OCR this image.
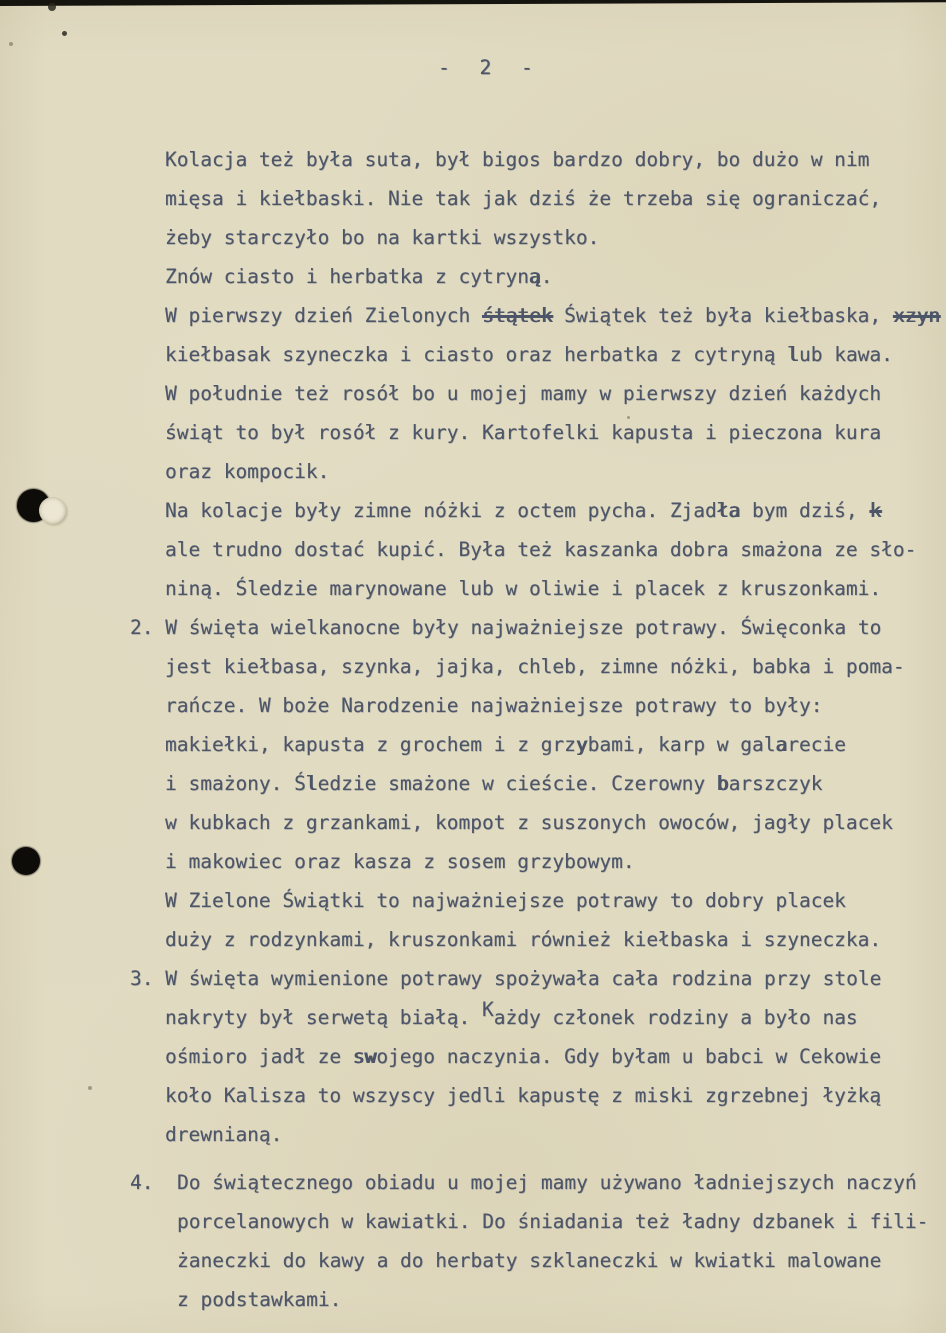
- 2 -
Kolacja też była suta, był bigos bardzo dobry, bo dużo w nim
mięsa i kiełbaski. Nie tak jak dziś że trzeba się ograniczać,
żeby starczyło bo na kartki wszystko.
Znów ciasto i herbatka z cytryną.
W pierwszy dzień Zielonych śtątek Świątek też była kiełbaska, xzyn
kiełbasak szyneczka i ciasto oraz herbatka z cytryną lub kawa.
W południe też rosół bo u mojej mamy w pierwszy dzień każdych
świąt to był rosół z kury. Kartofelki kapusta i pieczona kura
oraz kompocik.
Na kolacje były zimne nóżki z octem pycha. Zjadła bym dziś, k
ale trudno dostać kupić. Była też kaszanka dobra smażona ze sło-
niną. Śledzie marynowane lub w oliwie i placek z kruszonkami.
2. W święta wielkanocne były najważniejsze potrawy. Święconka to
jest kiełbasa, szynka, jajka, chleb, zimne nóżki, babka i poma-
rańcze. W boże Narodzenie najważniejsze potrawy to były:
makiełki, kapusta z grochem i z grzybami, karp w galarecie
i smażony. Śledzie smażone w cieście. Czerowny barszczyk
w kubkach z grzankami, kompot z suszonych owoców, jagły placek
i makowiec oraz kasza z sosem grzybowym.
W Zielone Świątki to najważniejsze potrawy to dobry placek
duży z rodzynkami, kruszonkami również kiełbaska i szyneczka.
3. W święta wymienione potrawy spożywała cała rodzina przy stole
nakryty był serwetą białą. Każdy członek rodziny a było nas
ośmioro jadł ze swojego naczynia. Gdy byłam u babci w Cekowie
koło Kalisza to wszyscy jedli kapustę z miski zgrzebnej łyżką
drewnianą.
4.  Do świątecznego obiadu u mojej mamy używano ładniejszych naczyń
porcelanowych w kawiatki. Do śniadania też ładny dzbanek i fili-
żaneczki do kawy a do herbaty szklaneczki w kwiatki malowane
z podstawkami.
